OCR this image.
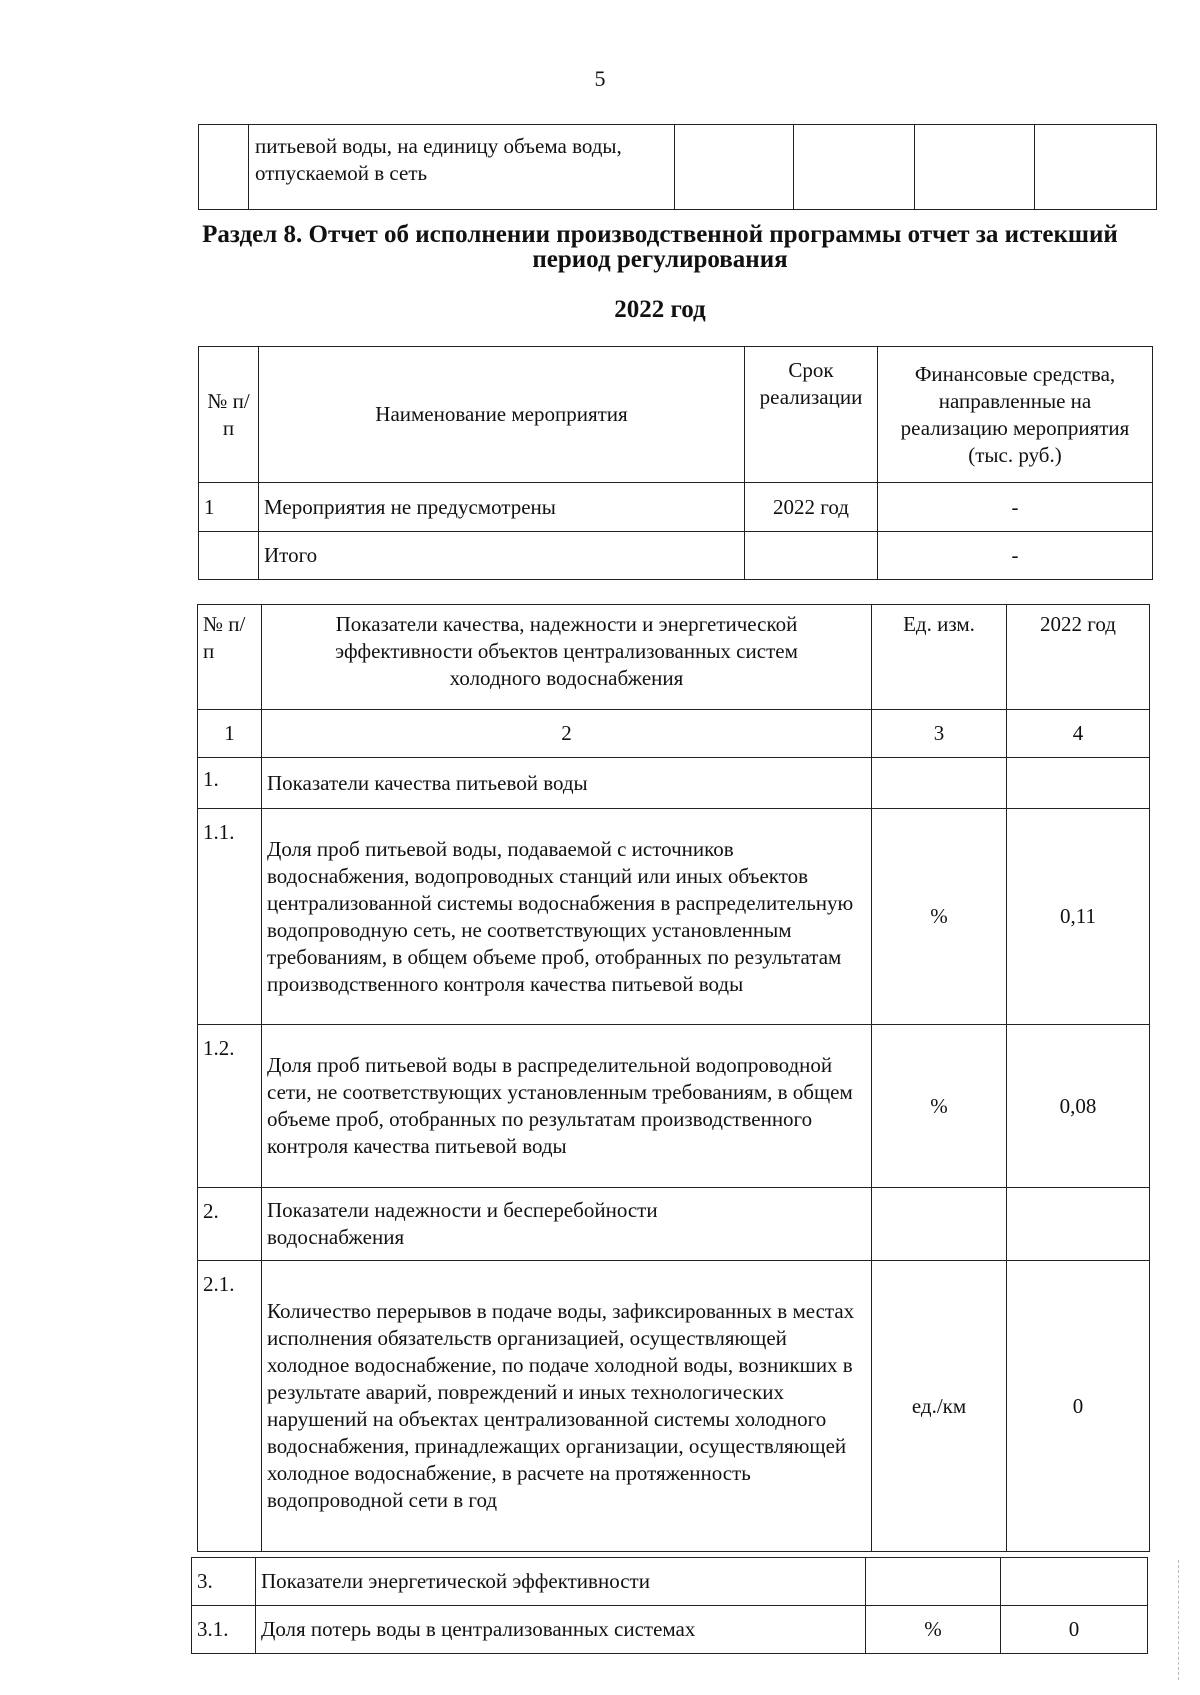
5
	питьевой воды, на единицу объема воды, отпускаемой в сеть				
Раздел 8. Отчет об исполнении производственной программы отчет за истекший период регулирования
2022 год
№ п/п	Наименование мероприятия	Срок реализации	Финансовые средства, направленные на реализацию мероприятия (тыс. руб.)
1	Мероприятия не предусмотрены	2022 год	-
	Итого		-
№ п/п	Показатели качества, надежности и энергетической эффективности объектов централизованных систем холодного водоснабжения	Ед. изм.	2022 год
1	2	3	4
1.	Показатели качества питьевой воды		
1.1.	Доля проб питьевой воды, подаваемой с источников водоснабжения, водопроводных станций или иных объектов централизованной системы водоснабжения в распределительную водопроводную сеть, не соответствующих установленным требованиям, в общем объеме проб, отобранных по результатам производственного контроля качества питьевой воды	%	0,11
1.2.	Доля проб питьевой воды в распределительной водопроводной сети, не соответствующих установленным требованиям, в общем объеме проб, отобранных по результатам производственного контроля качества питьевой воды	%	0,08
2.	Показатели надежности и бесперебойности водоснабжения		
2.1.	Количество перерывов в подаче воды, зафиксированных в местах исполнения обязательств организацией, осуществляющей холодное водоснабжение, по подаче холодной воды, возникших в результате аварий, повреждений и иных технологических нарушений на объектах централизованной системы холодного водоснабжения, принадлежащих организации, осуществляющей холодное водоснабжение, в расчете на протяженность водопроводной сети в год	ед./км	0
3.	Показатели энергетической эффективности		
3.1.	Доля потерь воды в централизованных системах	%	0
